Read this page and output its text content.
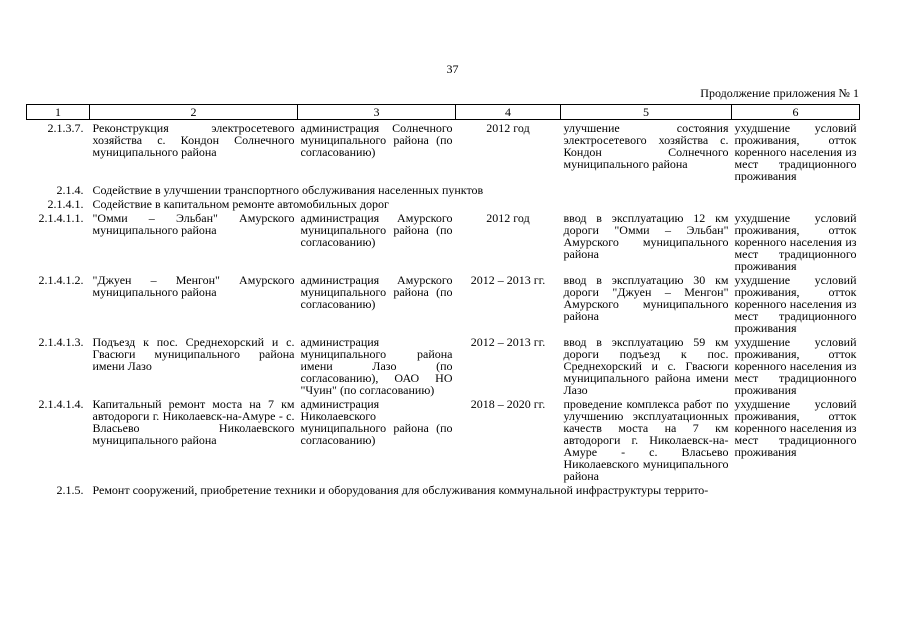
37
Продолжение приложения № 1
1	2	3	4	5	6
2.1.3.7.	Реконструкция электросетевого хозяйства с. Кондон Солнечного муниципального района	администрация Солнечного муниципального района (по согласованию)	2012 год	улучшение состояния электросетевого хозяйства с. Кондон Солнечного муниципального района	ухудшение условий проживания, отток коренного населения из мест традиционного проживания
2.1.4.	Содействие в улучшении транспортного обслуживания населенных пунктов				
2.1.4.1.	Содействие в капитальном ремонте автомобильных дорог				
2.1.4.1.1.	"Омми – Эльбан" Амурского муниципального района	администрация Амурского муниципального района (по согласованию)	2012 год	ввод в эксплуатацию 12 км дороги "Омми – Эльбан" Амурского муниципального района	ухудшение условий проживания, отток коренного населения из мест традиционного проживания
2.1.4.1.2.	"Джуен – Менгон" Амурского муниципального района	администрация Амурского муниципального района (по согласованию)	2012 – 2013 гг.	ввод в эксплуатацию 30 км дороги "Джуен – Менгон" Амурского муниципального района	ухудшение условий проживания, отток коренного населения из мест традиционного проживания
2.1.4.1.3.	Подъезд к пос. Среднехорский и с. Гвасюги муниципального района имени Лазо	администрация муниципального района имени Лазо (по согласованию), ОАО НО "Чуин" (по согласованию)	2012 – 2013 гг.	ввод в эксплуатацию 59 км дороги подъезд к пос. Среднехорский и с. Гвасюги муниципального района имени Лазо	ухудшение условий проживания, отток коренного населения из мест традиционного проживания
2.1.4.1.4.	Капитальный ремонт моста на 7 км автодороги г. Николаевск-на-Амуре - с. Власьево Николаевского муниципального района	администрация Николаевского муниципального района (по согласованию)	2018 – 2020 гг.	проведение комплекса работ по улучшению эксплуатационных качеств моста на 7 км автодороги г. Николаевск-на-Амуре - с. Власьево Николаевского муниципального района	ухудшение условий проживания, отток коренного населения из мест традиционного проживания
2.1.5.	Ремонт сооружений, приобретение техники и оборудования для обслуживания коммунальной инфраструктуры террито-				
